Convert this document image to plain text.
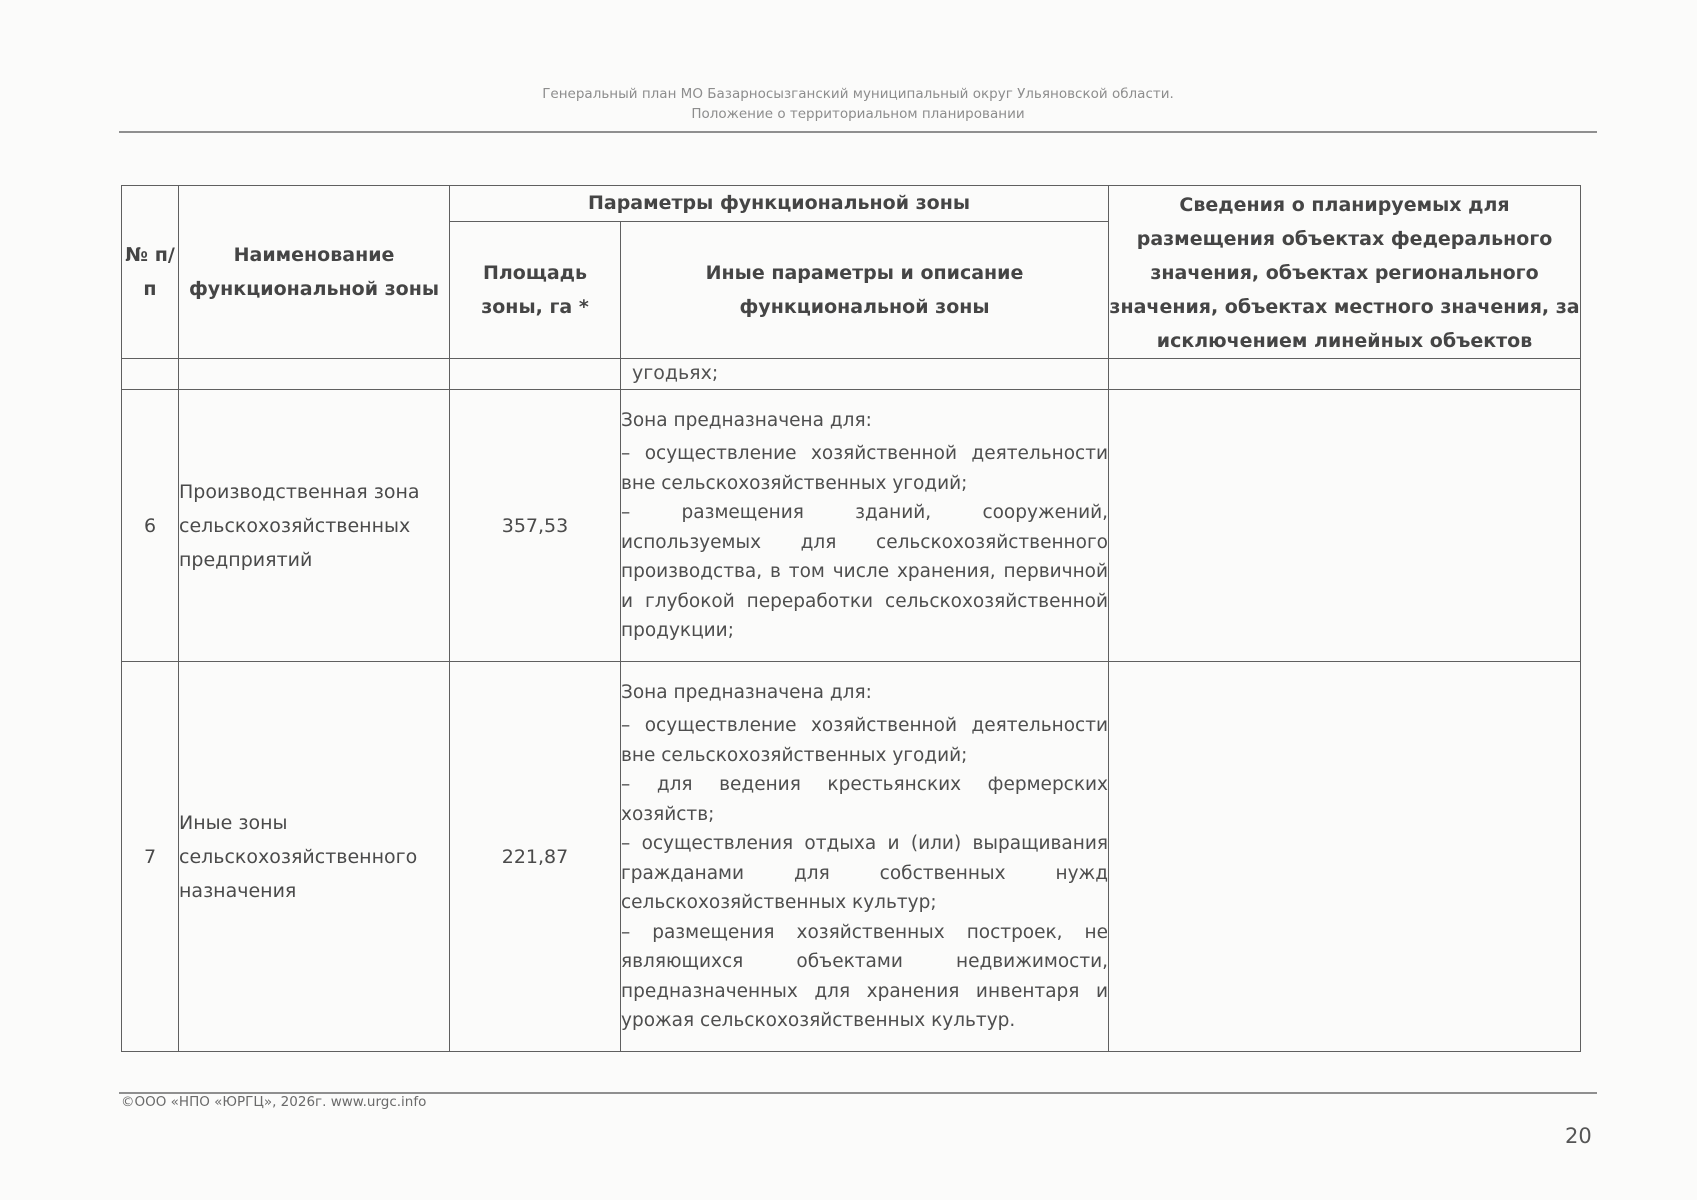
Генеральный план МО Базарносызганский муниципальный округ Ульяновской области.
Положение о территориальном планировании
№ п/п	Наименование функциональной зоны	Параметры функциональной зоны		Сведения о планируемых для размещения объектах федерального значения, объектах регионального значения, объектах местного значения, за исключением линейных объектов
		Площадь зоны, га *	Иные параметры и описание функциональной зоны	
			угодьях;	
6	Производственная зона сельскохозяйственных предприятий	357,53	Зона предназначена для:
– осуществление хозяйственной деятельности вне сельскохозяйственных угодий;
– размещения зданий, сооружений, используемых для сельскохозяйственного производства, в том числе хранения, первичной и глубокой переработки сельскохозяйственной продукции;	

7	Иные зоны сельскохозяйственного назначения	221,87	Зона предназначена для:
– осуществление хозяйственной деятельности вне сельскохозяйственных угодий;
– для ведения крестьянских фермерских хозяйств;
– осуществления отдыха и (или) выращивания гражданами для собственных нужд сельскохозяйственных культур;
– размещения хозяйственных построек, не являющихся объектами недвижимости, предназначенных для хранения инвентаря и урожая сельскохозяйственных культур.	

©ООО «НПО «ЮРГЦ», 2026г. www.urgc.info
20
